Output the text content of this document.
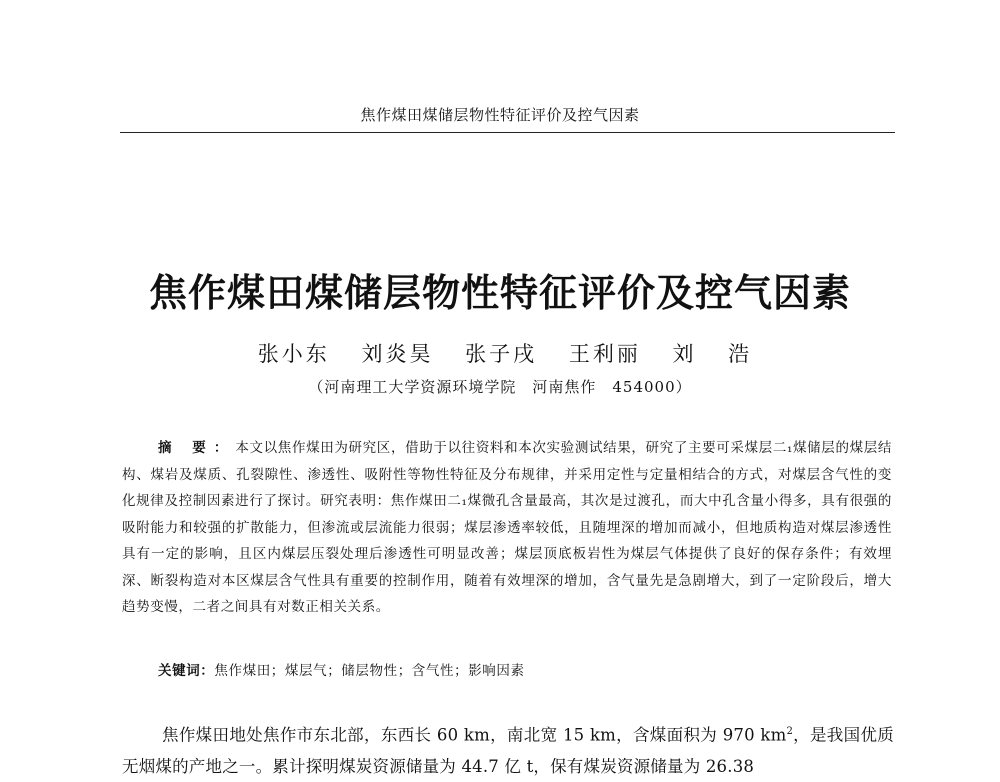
焦作煤田煤储层物性特征评价及控气因素
焦作煤田煤储层物性特征评价及控气因素
张小东 刘炎昊 张子戌 王利丽 刘 浩
（河南理工大学资源环境学院　河南焦作　454000）
摘 要：本文以焦作煤田为研究区，借助于以往资料和本次实验测试结果，研究了主要可采煤层二₁煤储层的煤层结构、煤岩及煤质、孔裂隙性、渗透性、吸附性等物性特征及分布规律，并采用定性与定量相结合的方式，对煤层含气性的变化规律及控制因素进行了探讨。研究表明：焦作煤田二₁煤微孔含量最高，其次是过渡孔，而大中孔含量小得多，具有很强的吸附能力和较强的扩散能力，但渗流或层流能力很弱；煤层渗透率较低，且随埋深的增加而减小，但地质构造对煤层渗透性具有一定的影响，且区内煤层压裂处理后渗透性可明显改善；煤层顶底板岩性为煤层气体提供了良好的保存条件；有效埋深、断裂构造对本区煤层含气性具有重要的控制作用，随着有效埋深的增加，含气量先是急剧增大，到了一定阶段后，增大趋势变慢，二者之间具有对数正相关关系。
关键词：焦作煤田；煤层气；储层物性；含气性；影响因素
焦作煤田地处焦作市东北部，东西长 60 km，南北宽 15 km，含煤面积为 970 $km^2$，是我国优质无烟煤的产地之一。累计探明煤炭资源储量为 44.7 亿 t，保有煤炭资源储量为 26.38
